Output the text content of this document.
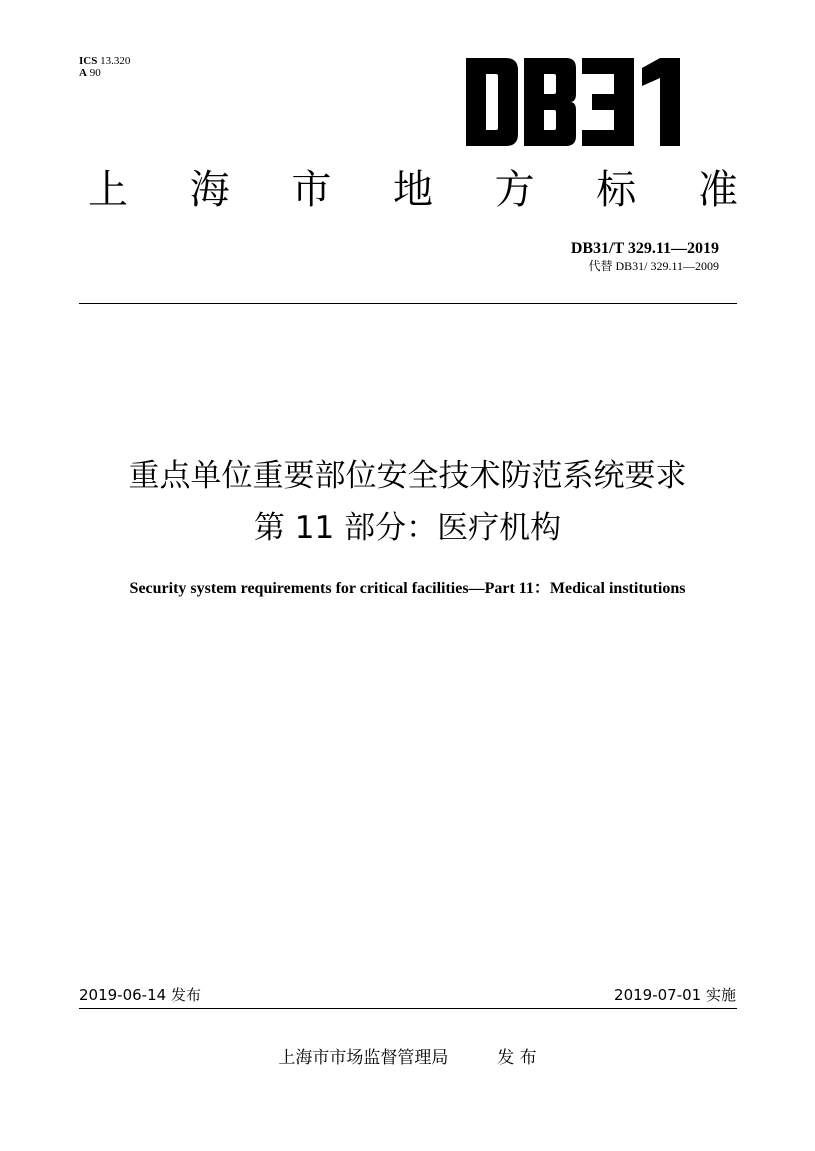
ICS 13.320
A 90
上 海 市 地 方 标 准
DB31/T 329.11—2019
代替 DB31/ 329.11—2009
重点单位重要部位安全技术防范系统要求
第 11 部分：医疗机构
Security system requirements for critical facilities—Part 11：Medical institutions
2019-06-14 发布	2019-07-01 实施
上海市市场监督管理局	发 布
